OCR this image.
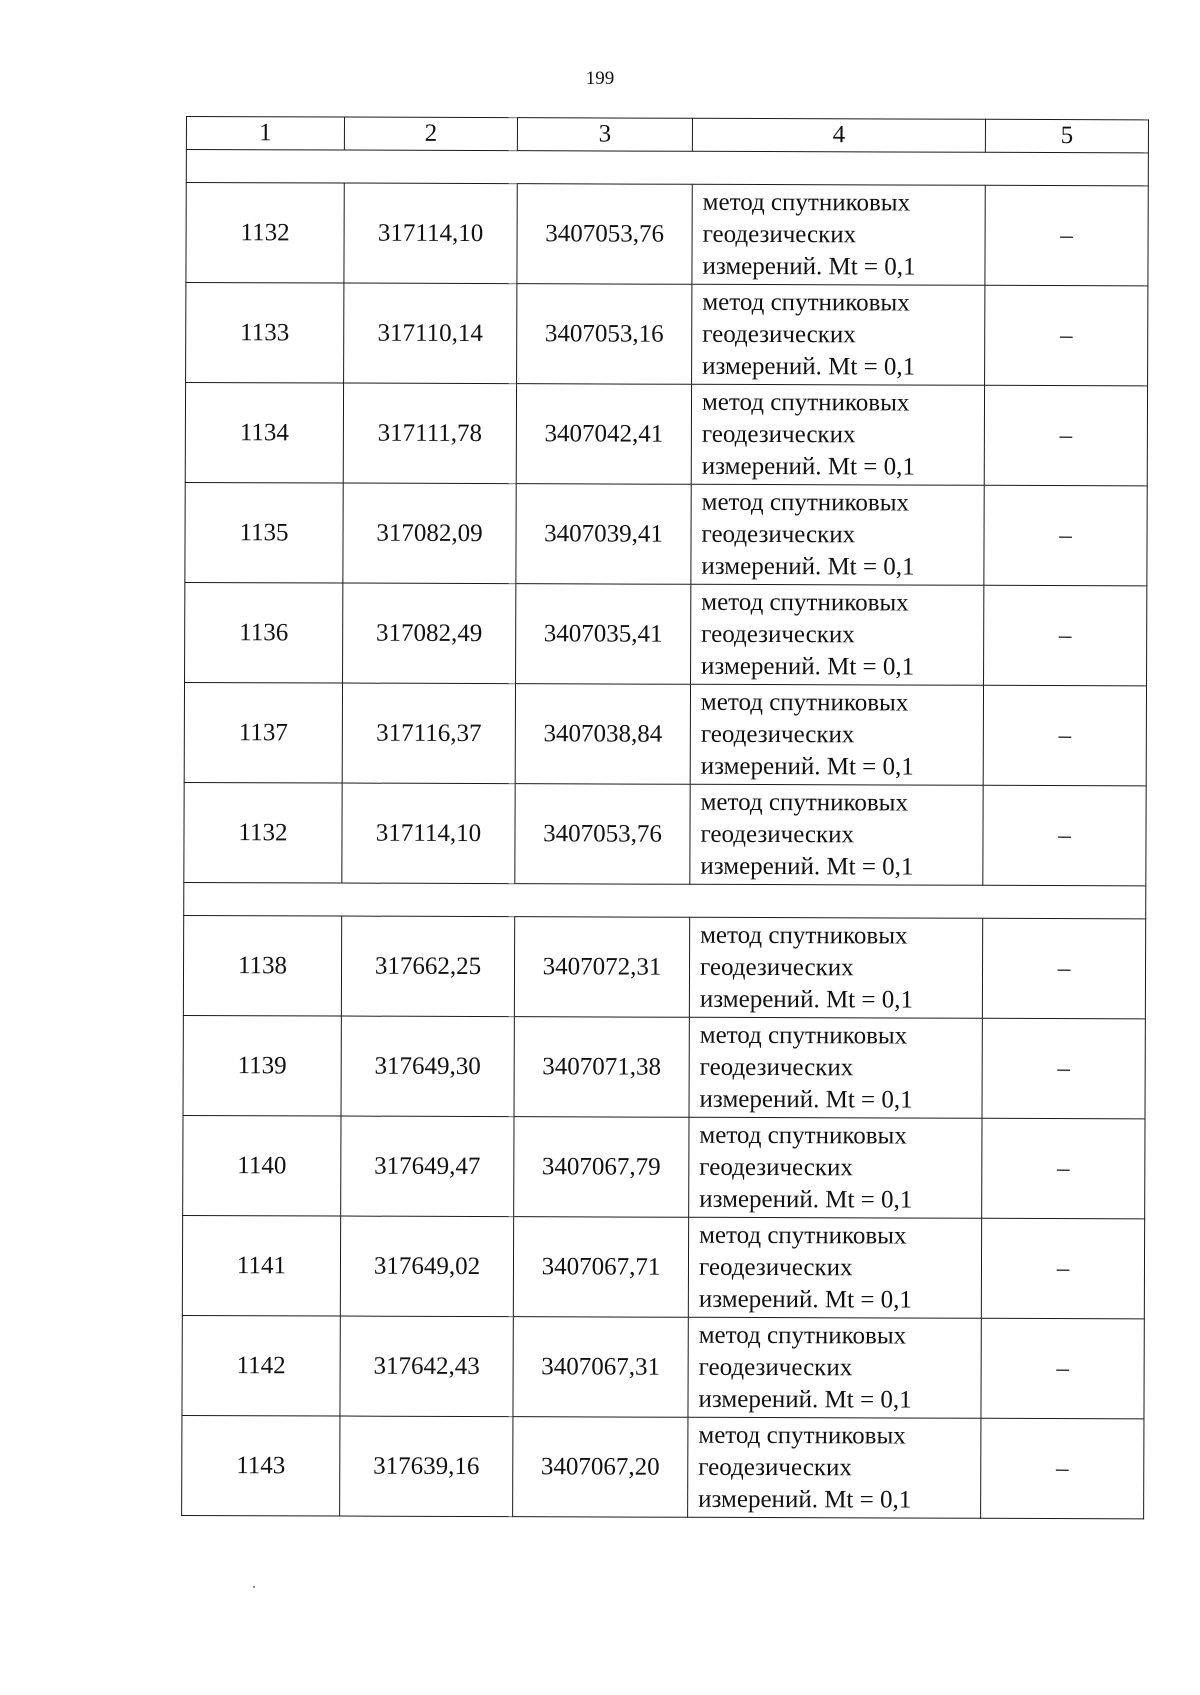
199
1	2	3	4	5

1132	317114,10	3407053,76	метод спутниковых
геодезических
измерений. Mt = 0,1	–
1133	317110,14	3407053,16	метод спутниковых
геодезических
измерений. Mt = 0,1	–
1134	317111,78	3407042,41	метод спутниковых
геодезических
измерений. Mt = 0,1	–
1135	317082,09	3407039,41	метод спутниковых
геодезических
измерений. Mt = 0,1	–
1136	317082,49	3407035,41	метод спутниковых
геодезических
измерений. Mt = 0,1	–
1137	317116,37	3407038,84	метод спутниковых
геодезических
измерений. Mt = 0,1	–
1132	317114,10	3407053,76	метод спутниковых
геодезических
измерений. Mt = 0,1	–

1138	317662,25	3407072,31	метод спутниковых
геодезических
измерений. Mt = 0,1	–
1139	317649,30	3407071,38	метод спутниковых
геодезических
измерений. Mt = 0,1	–
1140	317649,47	3407067,79	метод спутниковых
геодезических
измерений. Mt = 0,1	–
1141	317649,02	3407067,71	метод спутниковых
геодезических
измерений. Mt = 0,1	–
1142	317642,43	3407067,31	метод спутниковых
геодезических
измерений. Mt = 0,1	–
1143	317639,16	3407067,20	метод спутниковых
геодезических
измерений. Mt = 0,1	–
